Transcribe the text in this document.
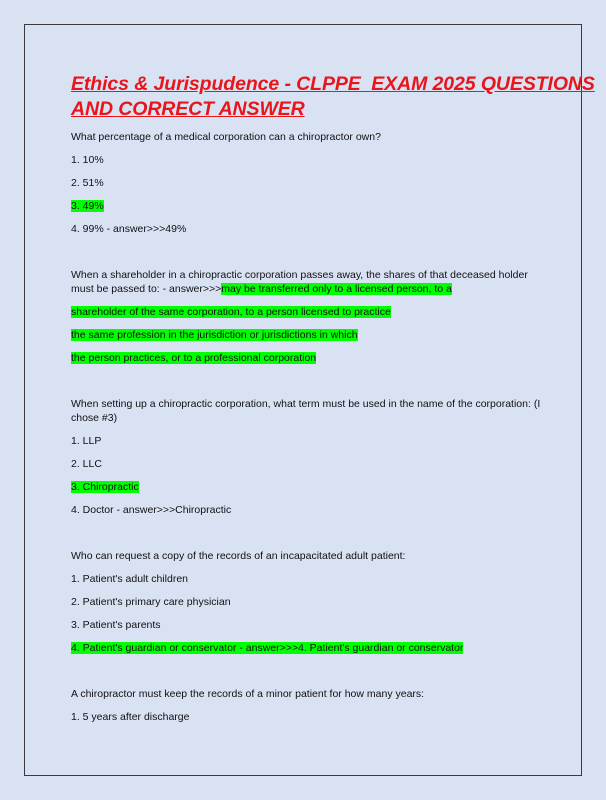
Ethics & Jurispudence - CLPPE  EXAM 2025 QUESTIONS
AND CORRECT ANSWER
What percentage of a medical corporation can a chiropractor own?
1. 10%
2. 51%
3. 49%
4. 99% - answer>>>49%
When a shareholder in a chiropractic corporation passes away, the shares of that deceased holder must be passed to: - answer>>>may be transferred only to a licensed person, to a
shareholder of the same corporation, to a person licensed to practice
the same profession in the jurisdiction or jurisdictions in which
the person practices, or to a professional corporation
When setting up a chiropractic corporation, what term must be used in the name of the corporation: (I chose #3)
1. LLP
2. LLC
3. Chiropractic
4. Doctor - answer>>>Chiropractic
Who can request a copy of the records of an incapacitated adult patient:
1. Patient's adult children
2. Patient's primary care physician
3. Patient's parents
4. Patient's guardian or conservator - answer>>>4. Patient's guardian or conservator
A chiropractor must keep the records of a minor patient for how many years:
1. 5 years after discharge
